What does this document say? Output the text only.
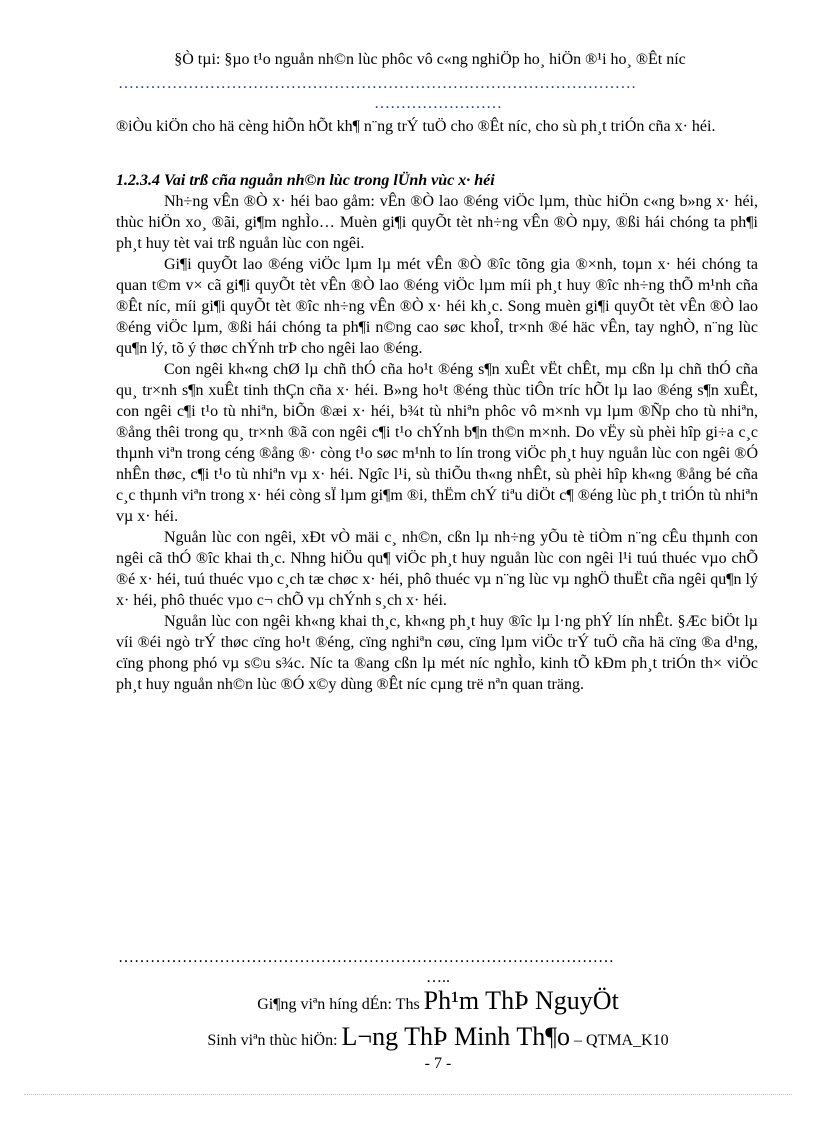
§Ò tµi: §µo t¹o nguån nh©n lùc phôc vô c«ng nghiÖp ho¸ hiÖn ®¹i ho¸ ®Êt níc
……………………………………………………………………………………
……………………

®iÒu kiÖn cho hä cèng hiÕn hÕt kh¶ n¨ng trÝ tuÖ cho ®Êt níc, cho sù ph¸t triÓn cña x· héi.

1.2.3.4 Vai trß cña nguån nh©n lùc trong lÜnh vùc x· héi

Nh÷ng vÊn ®Ò x· héi bao gåm: vÊn ®Ò lao ®éng viÖc lµm, thùc hiÖn c«ng b»ng x· héi, thùc hiÖn xo¸ ®ãi, gi¶m nghÌo… Muèn gi¶i quyÕt tèt nh÷ng vÊn ®Ò nµy, ®ßi hái chóng ta ph¶i ph¸t huy tèt vai trß nguån lùc con ngêi.

Gi¶i quyÕt lao ®éng viÖc lµm lµ mét vÊn ®Ò ®îc tõng gia ®×nh, toµn x· héi chóng ta quan t©m v× cã gi¶i quyÕt tèt vÊn ®Ò lao ®éng viÖc lµm míi ph¸t huy ®îc nh÷ng thÕ m¹nh cña ®Êt níc, míi gi¶i quyÕt tèt ®îc nh÷ng vÊn ®Ò x· héi kh¸c. Song muèn gi¶i quyÕt tèt vÊn ®Ò lao ®éng viÖc lµm, ®ßi hái chóng ta ph¶i n©ng cao søc khoÎ, tr×nh ®é häc vÊn, tay nghÒ, n¨ng lùc qu¶n lý, tõ ý thøc chÝnh trÞ cho ngêi lao ®éng.

Con ngêi kh«ng chØ lµ chñ thÓ cña ho¹t ®éng s¶n xuÊt vËt chÊt, mµ cßn lµ chñ thÓ cña qu¸ tr×nh s¶n xuÊt tinh thÇn cña x· héi. B»ng ho¹t ®éng thùc tiÔn tríc hÕt lµ lao ®éng s¶n xuÊt, con ngêi c¶i t¹o tù nhiªn, biÕn ®æi x· héi, b¾t tù nhiªn phôc vô m×nh vµ lµm ®Ñp cho tù nhiªn, ®ång thêi trong qu¸ tr×nh ®ã con ngêi c¶i t¹o chÝnh b¶n th©n m×nh. Do vËy sù phèi hîp gi÷a c¸c thµnh viªn trong céng ®ång ®· còng t¹o søc m¹nh to lín trong viÖc ph¸t huy nguån lùc con ngêi ®Ó nhÊn thøc, c¶i t¹o tù nhiªn vµ x· héi. Ngîc l¹i, sù thiÕu th«ng nhÊt, sù phèi hîp kh«ng ®ång bé cña c¸c thµnh viªn trong x· héi còng sÏ lµm gi¶m ®i, thËm chÝ tiªu diÖt c¶ ®éng lùc ph¸t triÓn tù nhiªn vµ x· héi.

Nguån lùc con ngêi, xÐt vÒ mäi c¸ nh©n, cßn lµ nh÷ng yÕu tè tiÒm n¨ng cÊu thµnh con ngêi cã thÓ ®îc khai th¸c. Nhng hiÖu qu¶ viÖc ph¸t huy nguån lùc con ngêi l¹i tuú thuéc vµo chÕ ®é x· héi, tuú thuéc vµo c¸ch tæ chøc x· héi, phô thuéc vµ n¨ng lùc vµ nghÖ thuËt cña ngêi qu¶n lý x· héi, phô thuéc vµo c¬ chÕ vµ chÝnh s¸ch x· héi.

Nguån lùc con ngêi kh«ng khai th¸c, kh«ng ph¸t huy ®îc lµ l·ng phÝ lín nhÊt. §Æc biÖt lµ víi ®éi ngò trÝ thøc cïng ho¹t ®éng, cïng nghiªn cøu, cïng lµm viÖc trÝ tuÖ cña hä cïng ®a d¹ng, cïng phong phó vµ s©u s¾c. Níc ta ®ang cßn lµ mét níc nghÌo, kinh tÕ kÐm ph¸t triÓn th× viÖc ph¸t huy nguån nh©n lùc ®Ó x©y dùng ®Êt níc cµng trë nªn quan träng.

…………………………………………………………………………………
…..
Gi¶ng viªn híng dÉn: Ths Ph¹m ThÞ NguyÖt
Sinh viªn thùc hiÖn: L¬ng ThÞ Minh Th¶o – QTMA_K10
- 7 -
